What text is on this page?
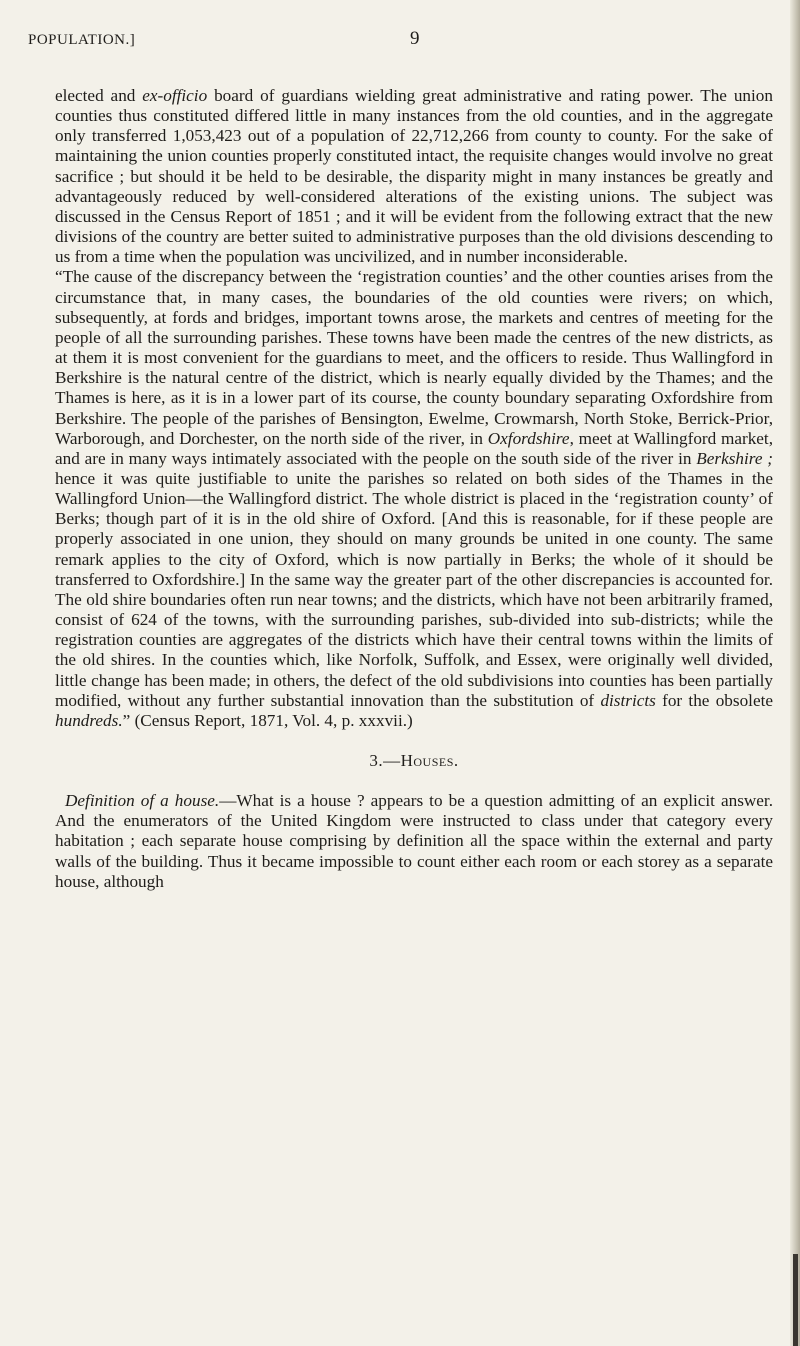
POPULATION.]	9

elected and ex-officio board of guardians wielding great administrative and rating power. The union counties thus constituted differed little in many instances from the old counties, and in the aggregate only transferred 1,053,423 out of a population of 22,712,266 from county to county. For the sake of maintaining the union counties properly constituted intact, the requisite changes would involve no great sacrifice ; but should it be held to be desirable, the disparity might in many instances be greatly and advantageously reduced by well-considered alterations of the existing unions. The subject was discussed in the Census Report of 1851 ; and it will be evident from the following extract that the new divisions of the country are better suited to administrative purposes than the old divisions descending to us from a time when the population was uncivilized, and in number inconsiderable.

“The cause of the discrepancy between the ‘registration counties’ and the other counties arises from the circumstance that, in many cases, the boundaries of the old counties were rivers; on which, subsequently, at fords and bridges, important towns arose, the markets and centres of meeting for the people of all the surrounding parishes. These towns have been made the centres of the new districts, as at them it is most convenient for the guardians to meet, and the officers to reside. Thus Wallingford in Berkshire is the natural centre of the district, which is nearly equally divided by the Thames; and the Thames is here, as it is in a lower part of its course, the county boundary separating Oxfordshire from Berkshire. The people of the parishes of Bensington, Ewelme, Crowmarsh, North Stoke, Berrick-Prior, Warborough, and Dorchester, on the north side of the river, in Oxfordshire, meet at Wallingford market, and are in many ways intimately associated with the people on the south side of the river in Berkshire ; hence it was quite justifiable to unite the parishes so related on both sides of the Thames in the Wallingford Union—the Wallingford district. The whole district is placed in the ‘registration county’ of Berks; though part of it is in the old shire of Oxford. [And this is reasonable, for if these people are properly associated in one union, they should on many grounds be united in one county. The same remark applies to the city of Oxford, which is now partially in Berks; the whole of it should be transferred to Oxfordshire.] In the same way the greater part of the other discrepancies is accounted for. The old shire boundaries often run near towns; and the districts, which have not been arbitrarily framed, consist of 624 of the towns, with the surrounding parishes, sub-divided into sub-districts; while the registration counties are aggregates of the districts which have their central towns within the limits of the old shires. In the counties which, like Norfolk, Suffolk, and Essex, were originally well divided, little change has been made; in others, the defect of the old subdivisions into counties has been partially modified, without any further substantial innovation than the substitution of districts for the obsolete hundreds.” (Census Report, 1871, Vol. 4, p. xxxvii.)

3.—Houses.

Definition of a house.—What is a house ? appears to be a question admitting of an explicit answer. And the enumerators of the United Kingdom were instructed to class under that category every habitation ; each separate house comprising by definition all the space within the external and party walls of the building. Thus it became impossible to count either each room or each storey as a separate house, although
